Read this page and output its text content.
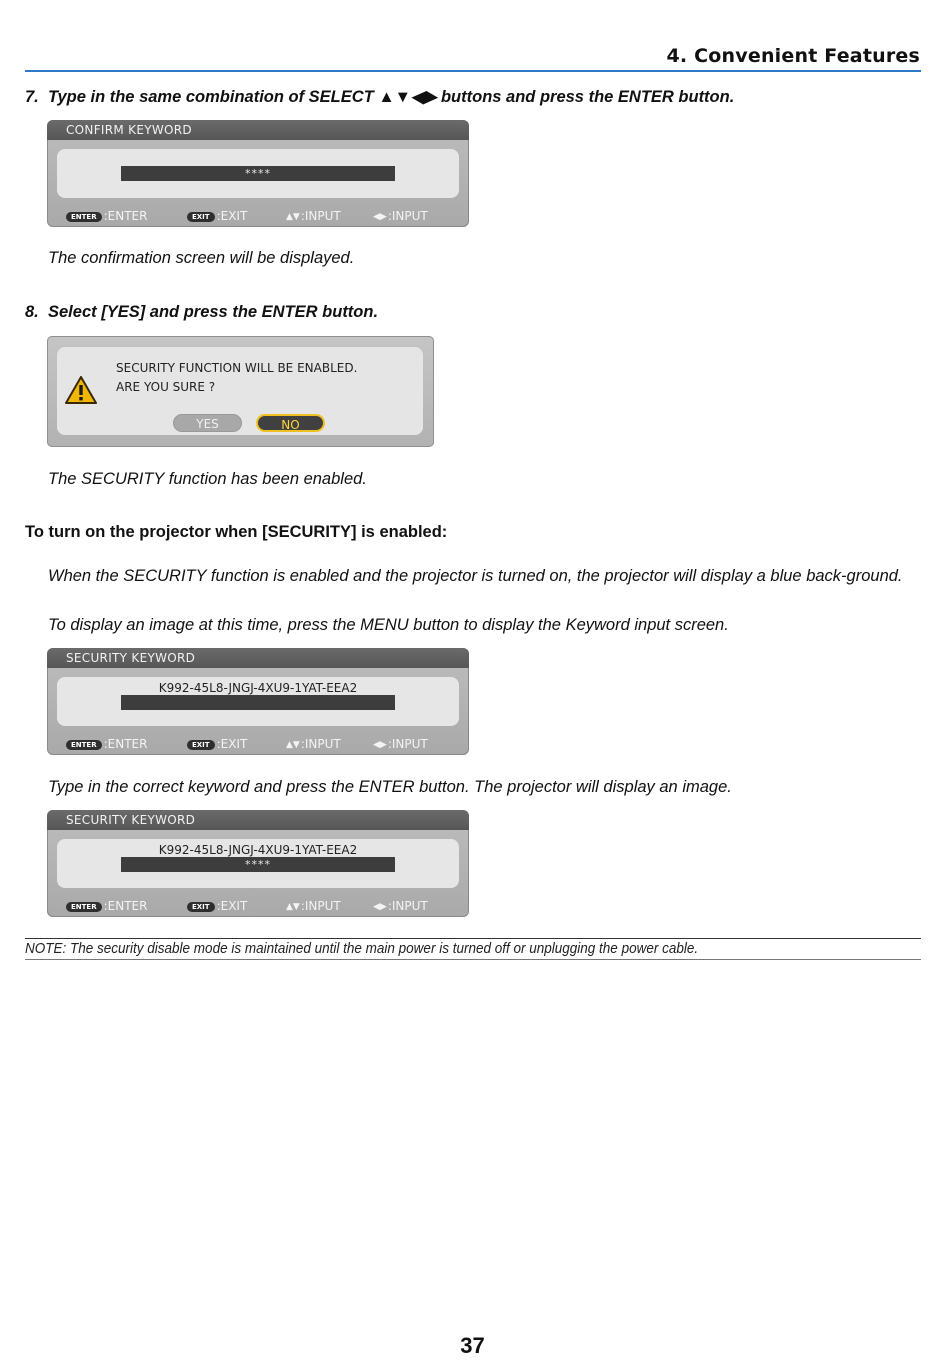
4. Convenient Features
7. Type in the same combination of SELECT ▲▼◀▶ buttons and press the ENTER button.
CONFIRM KEYWORD
****
ENTER :ENTER	EXIT :EXIT	▲▼:INPUT	◀▶:INPUT
The confirmation screen will be displayed.
8. Select [YES] and press the ENTER button.
SECURITY FUNCTION WILL BE ENABLED.
ARE YOU SURE ?
YES	NO
The SECURITY function has been enabled.
To turn on the projector when [SECURITY] is enabled:
When the SECURITY function is enabled and the projector is turned on, the projector will display a blue back-ground.
To display an image at this time, press the MENU button to display the Keyword input screen.
SECURITY KEYWORD
K992-45L8-JNGJ-4XU9-1YAT-EEA2
ENTER :ENTER	EXIT :EXIT	▲▼:INPUT	◀▶:INPUT
Type in the correct keyword and press the ENTER button. The projector will display an image.
SECURITY KEYWORD
K992-45L8-JNGJ-4XU9-1YAT-EEA2
****
ENTER :ENTER	EXIT :EXIT	▲▼:INPUT	◀▶:INPUT
NOTE: The security disable mode is maintained until the main power is turned off or unplugging the power cable.
37
